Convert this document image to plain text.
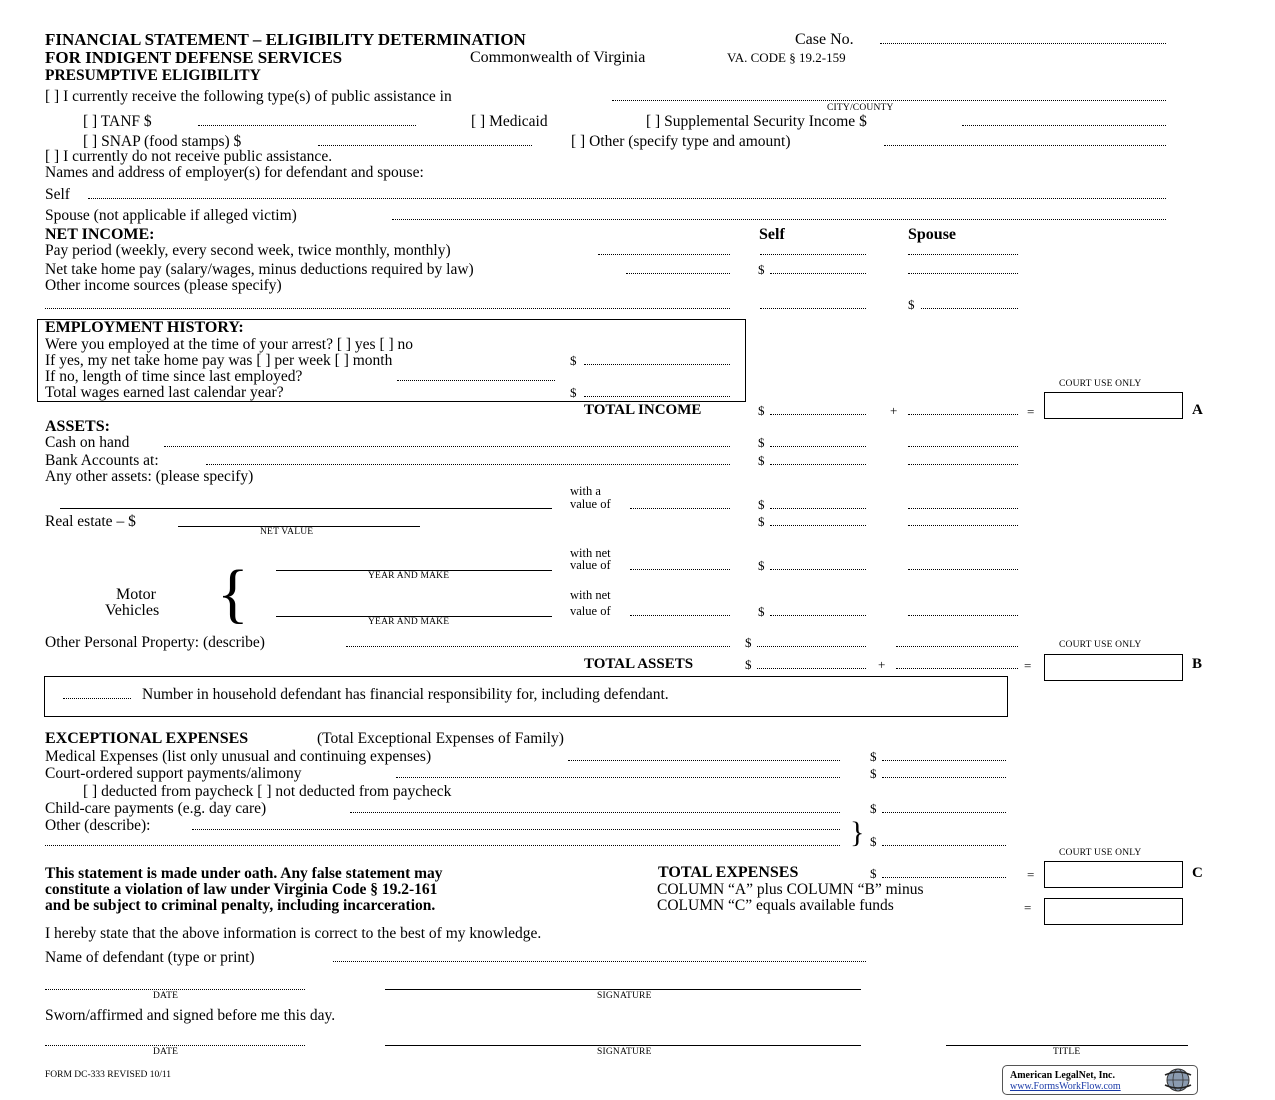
FINANCIAL STATEMENT – ELIGIBILITY DETERMINATION
FOR INDIGENT DEFENSE SERVICES	Commonwealth of Virginia	VA. CODE § 19.2-159
Case No.
PRESUMPTIVE ELIGIBILITY
[ ] I currently receive the following type(s) of public assistance in
CITY/COUNTY
[ ] TANF $	[ ] Medicaid	[ ] Supplemental Security Income $
[ ] SNAP (food stamps) $	[ ] Other (specify type and amount)
[ ] I currently do not receive public assistance.
Names and address of employer(s) for defendant and spouse:
Self
Spouse (not applicable if alleged victim)
NET INCOME:	Self	Spouse
Pay period (weekly, every second week, twice monthly, monthly)
Net take home pay (salary/wages, minus deductions required by law)	$
Other income sources (please specify)
$
EMPLOYMENT HISTORY:
Were you employed at the time of your arrest? [ ] yes [ ] no
If yes, my net take home pay was [ ] per week [ ] month	$
If no, length of time since last employed?
Total wages earned last calendar year?	$
COURT USE ONLY
TOTAL INCOME	$	+	=	A
ASSETS:
Cash on hand	$
Bank Accounts at:	$
Any other assets: (please specify)
with a
value of	$
Real estate – $
NET VALUE
$
Motor
Vehicles {	YEAR AND MAKE
with net
value of	$
YEAR AND MAKE
with net
value of	$
Other Personal Property: (describe)	$	COURT USE ONLY
TOTAL ASSETS	$	+	=	B
Number in household defendant has financial responsibility for, including defendant.
EXCEPTIONAL EXPENSES	(Total Exceptional Expenses of Family)
Medical Expenses (list only unusual and continuing expenses)	$
Court-ordered support payments/alimony	$
[ ] deducted from paycheck [ ] not deducted from paycheck
Child-care payments (e.g. day care)	$
Other (describe):	} $
This statement is made under oath. Any false statement may
constitute a violation of law under Virginia Code § 19.2-161
and be subject to criminal penalty, including incarceration.
COURT USE ONLY
TOTAL EXPENSES	$	=	C
COLUMN “A” plus COLUMN “B” minus
COLUMN “C” equals available funds	=
I hereby state that the above information is correct to the best of my knowledge.
Name of defendant (type or print)
DATE	SIGNATURE
Sworn/affirmed and signed before me this day.
DATE	SIGNATURE	TITLE
FORM DC-333 REVISED 10/11	American LegalNet, Inc.
www.FormsWorkFlow.com
